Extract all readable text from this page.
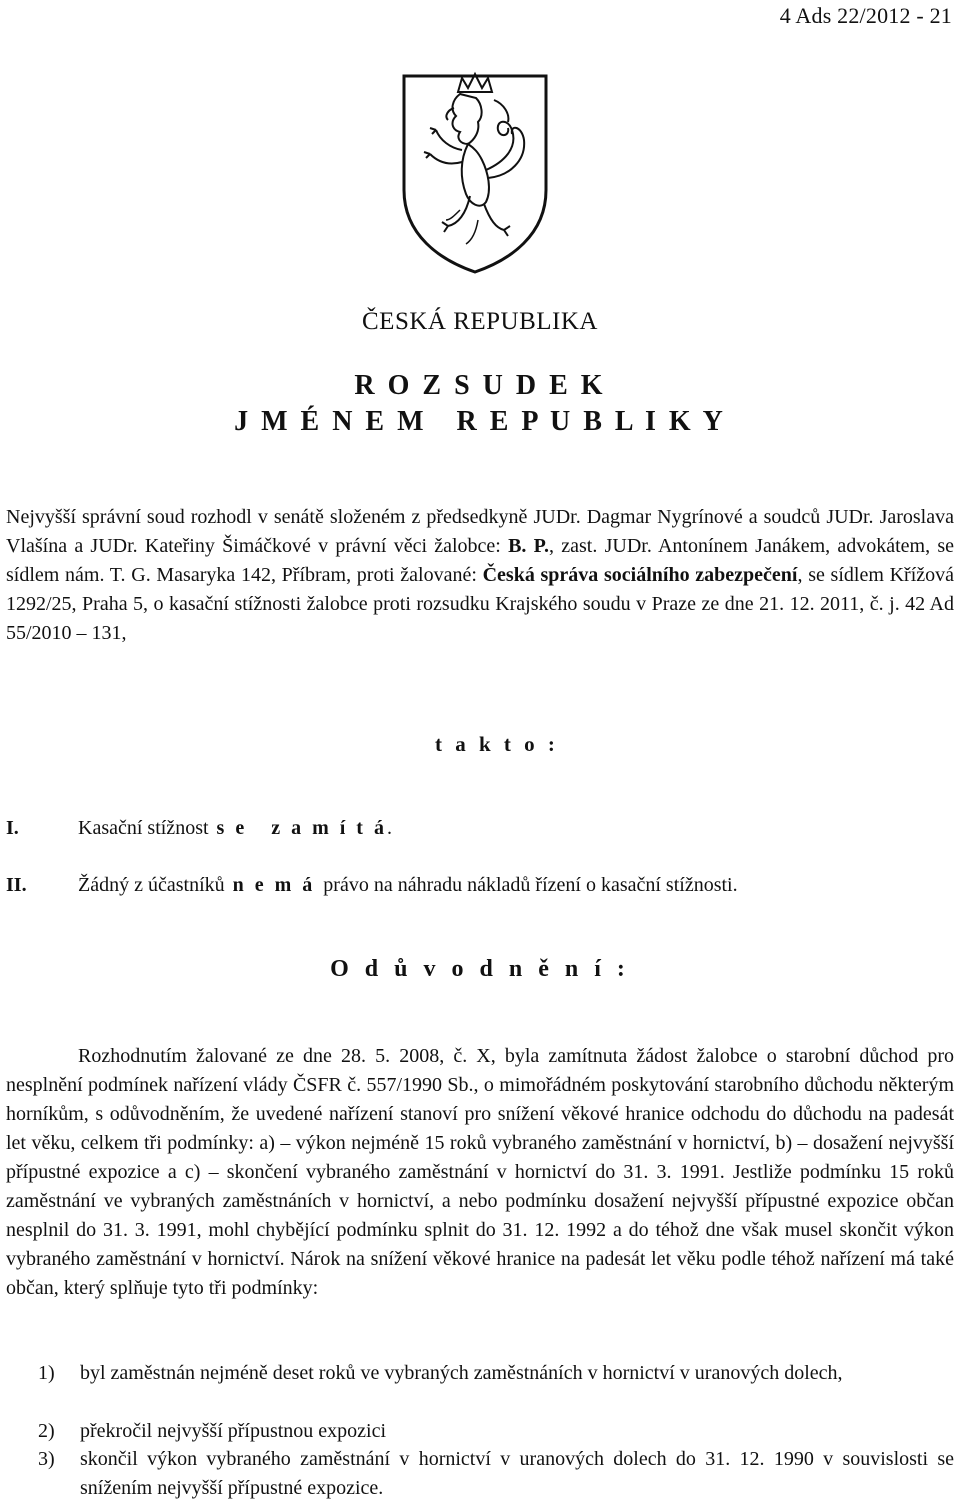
4 Ads 22/2012 - 21
ČESKÁ REPUBLIKA
R O Z S U D E K
J M É N E M   R E P U B L I K Y
Nejvyšší správní soud rozhodl v senátě složeném z předsedkyně JUDr. Dagmar Nygrínové a soudců JUDr. Jaroslava Vlašína a JUDr. Kateřiny Šimáčkové v právní věci žalobce: B. P., zast. JUDr. Antonínem Janákem, advokátem, se sídlem nám. T. G. Masaryka 142, Příbram, proti žalované: Česká správa sociálního zabezpečení, se sídlem Křížová 1292/25, Praha 5, o kasační stížnosti žalobce proti rozsudku Krajského soudu v Praze ze dne 21. 12. 2011, č. j. 42 Ad 55/2010 – 131,
t a k t o :
I.	Kasační stížnost s e   z a m í t á.
II.	Žádný z účastníků n e m á právo na náhradu nákladů řízení o kasační stížnosti.
O d ů v o d n ě n í :
Rozhodnutím žalované ze dne 28. 5. 2008, č. X, byla zamítnuta žádost žalobce o starobní důchod pro nesplnění podmínek nařízení vlády ČSFR č. 557/1990 Sb., o mimořádném poskytování starobního důchodu některým horníkům, s odůvodněním, že uvedené nařízení stanoví pro snížení věkové hranice odchodu do důchodu na padesát let věku, celkem tři podmínky: a) – výkon nejméně 15 roků vybraného zaměstnání v hornictví, b) – dosažení nejvyšší přípustné expozice a c) – skončení vybraného zaměstnání v hornictví do 31. 3. 1991. Jestliže podmínku 15 roků zaměstnání ve vybraných zaměstnáních v hornictví, a nebo podmínku dosažení nejvyšší přípustné expozice občan nesplnil do 31. 3. 1991, mohl chybějící podmínku splnit do 31. 12. 1992 a do téhož dne však musel skončit výkon vybraného zaměstnání v hornictví. Nárok na snížení věkové hranice na padesát let věku podle téhož nařízení má také občan, který splňuje tyto tři podmínky:
1)	byl zaměstnán nejméně deset roků ve vybraných zaměstnáních v hornictví v uranových dolech,
2)	překročil nejvyšší přípustnou expozici
3)	skončil výkon vybraného zaměstnání v hornictví v uranových dolech do 31. 12. 1990 v souvislosti se snížením nejvyšší přípustné expozice.
